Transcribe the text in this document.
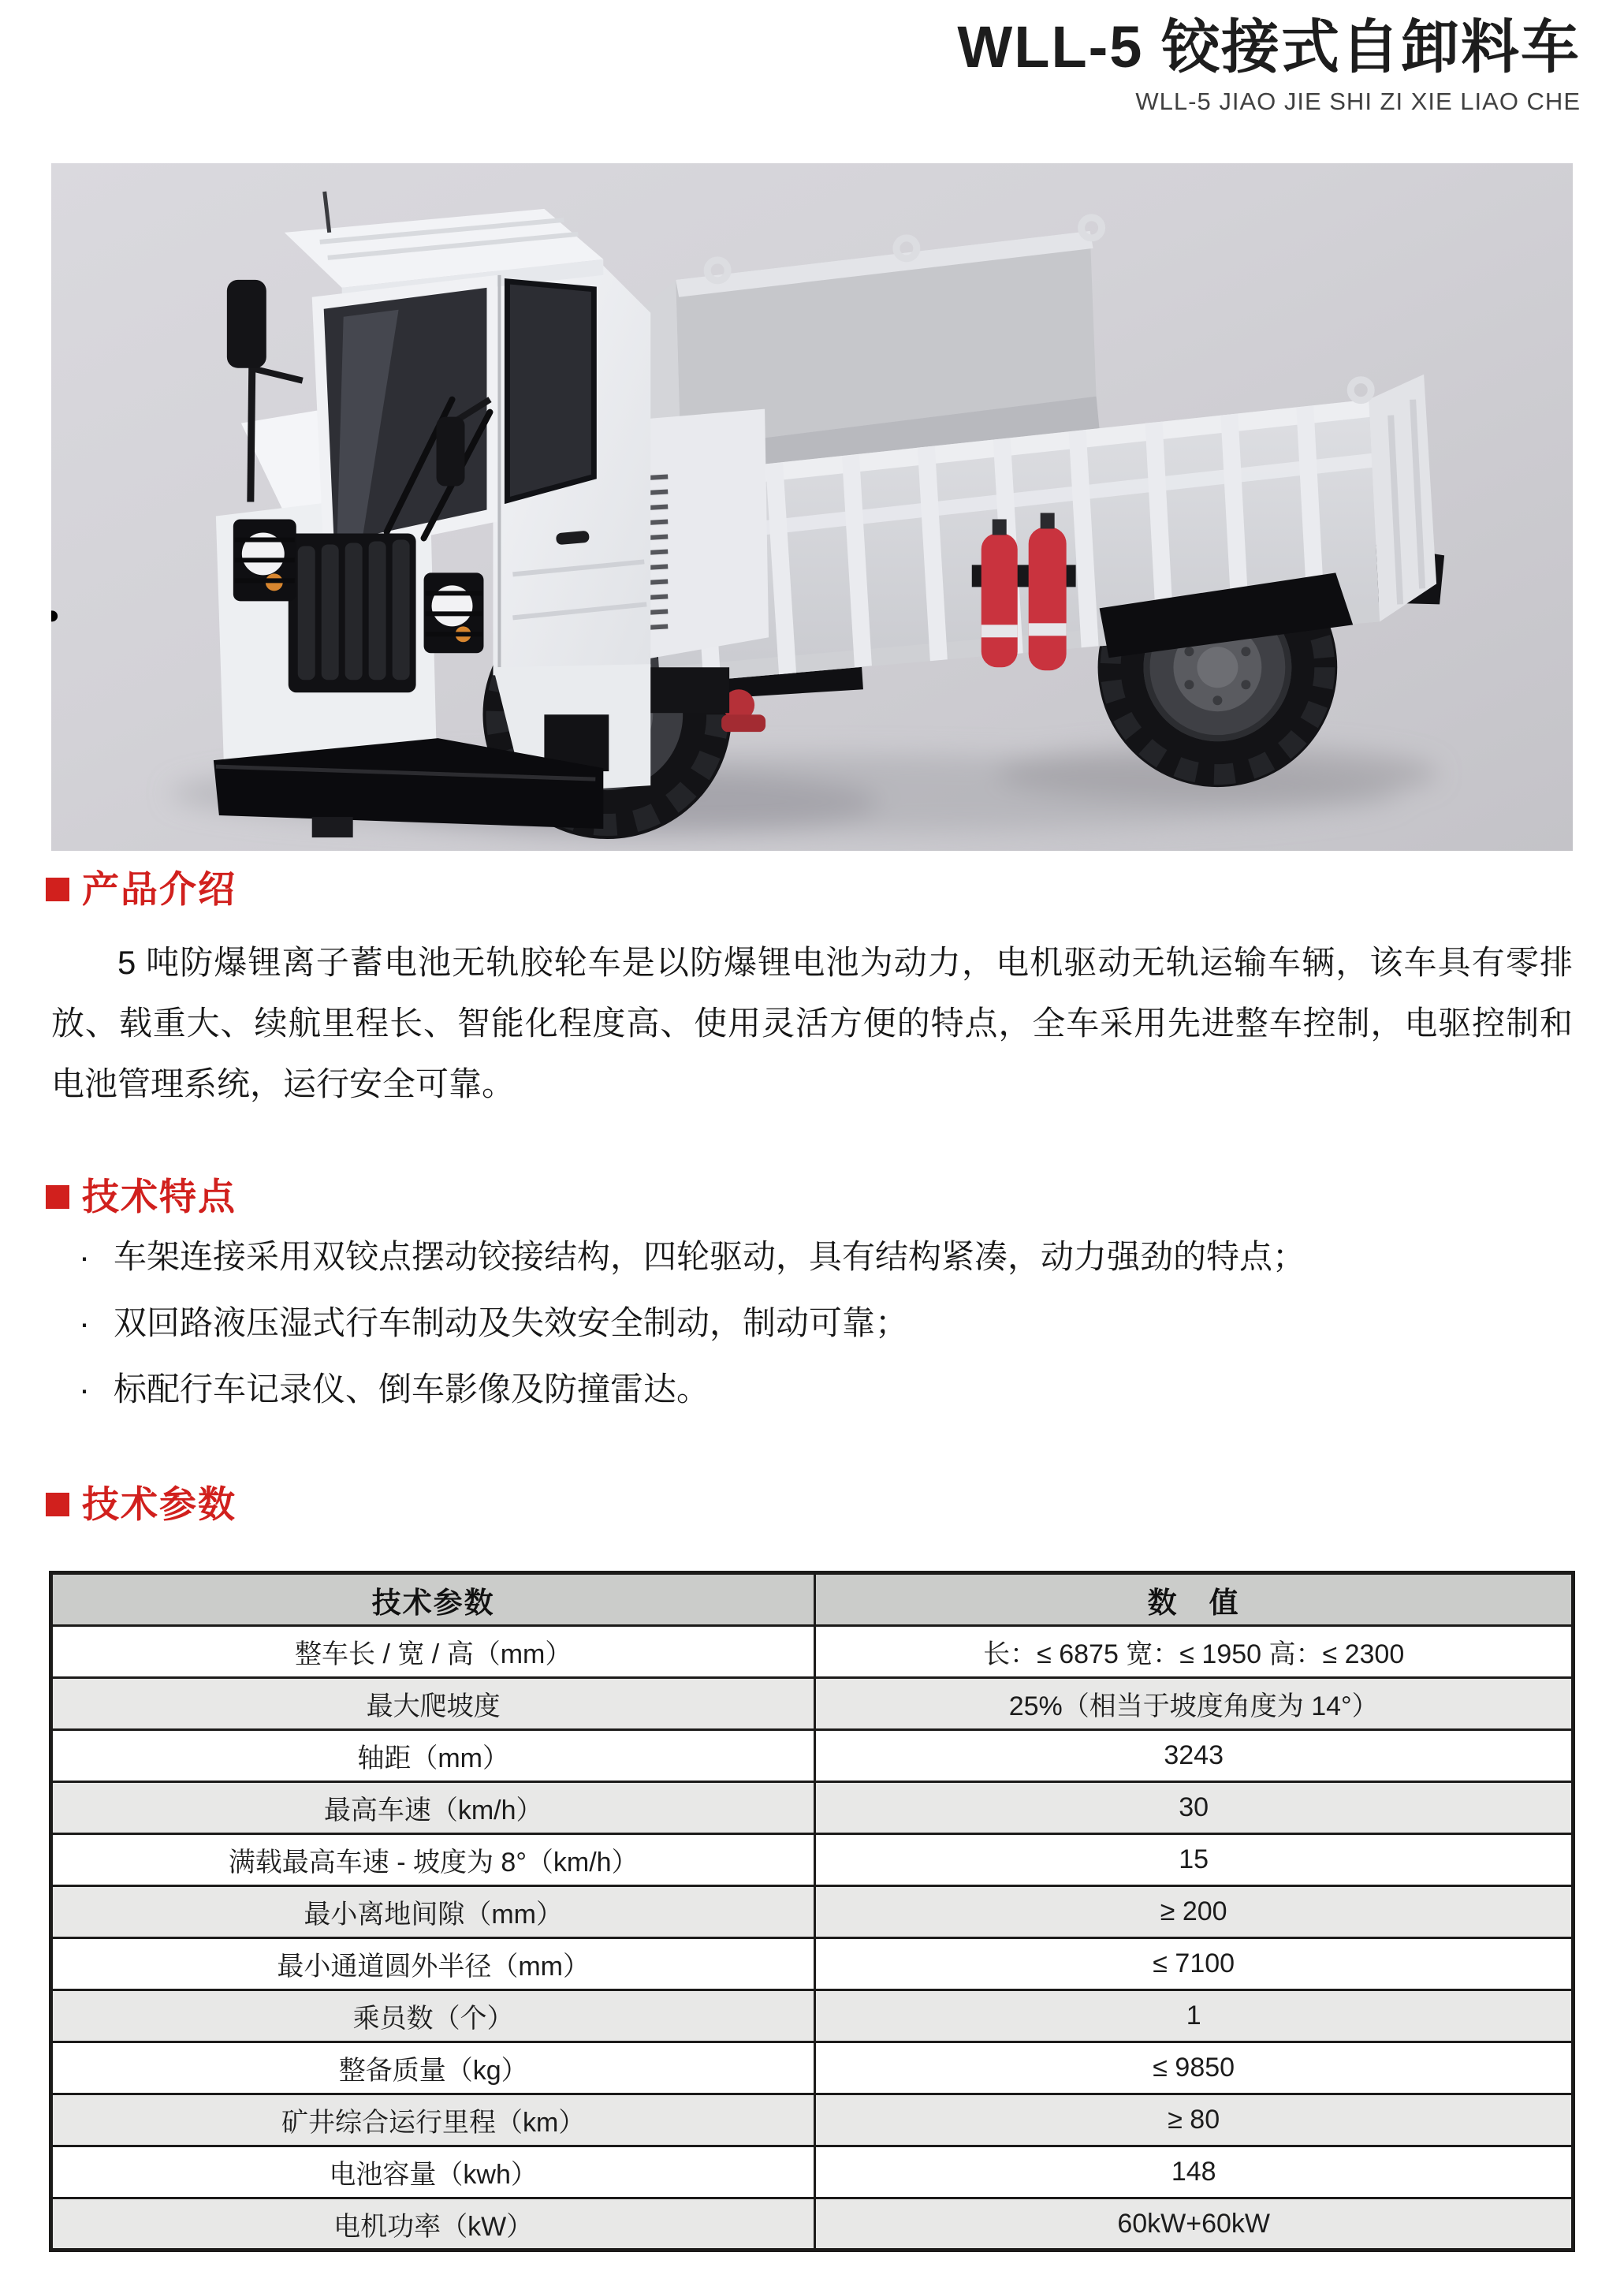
WLL-5 铰接式自卸料车
WLL-5 JIAO JIE SHI ZI XIE LIAO CHE
产品介绍

5 吨防爆锂离子蓄电池无轨胶轮车是以防爆锂电池为动力，电机驱动无轨运输车辆，该车具有零排放、载重大、续航里程长、智能化程度高、使用灵活方便的特点，全车采用先进整车控制，电驱控制和电池管理系统，运行安全可靠。

技术特点
· 车架连接采用双铰点摆动铰接结构，四轮驱动，具有结构紧凑，动力强劲的特点；
· 双回路液压湿式行车制动及失效安全制动，制动可靠；
· 标配行车记录仪、倒车影像及防撞雷达。
技术参数
技术参数	数　值
整车长 / 宽 / 高（mm）	长：≤ 6875 宽：≤ 1950 高：≤ 2300
最大爬坡度	25%（相当于坡度角度为 14°）
轴距（mm）	3243
最高车速（km/h）	30
满载最高车速 - 坡度为 8°（km/h）	15
最小离地间隙（mm）	≥ 200
最小通道圆外半径（mm）	≤ 7100
乘员数（个）	1
整备质量（kg）	≤ 9850
矿井综合运行里程（km）	≥ 80
电池容量（kwh）	148
电机功率（kW）	60kW+60kW
